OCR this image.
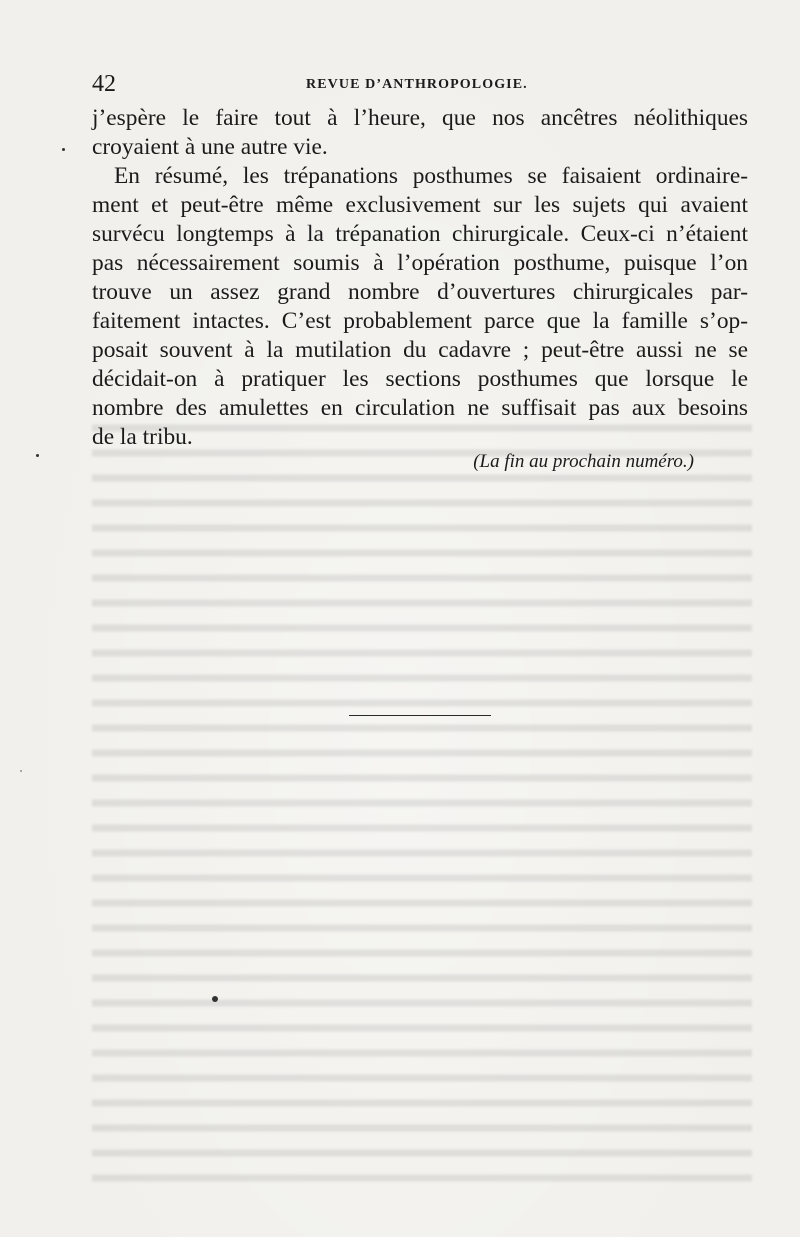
42	REVUE D’ANTHROPOLOGIE.
j’espère le faire tout à l’heure, que nos ancêtres néolithiques
croyaient à une autre vie.
En résumé, les trépanations posthumes se faisaient ordinaire-
ment et peut-être même exclusivement sur les sujets qui avaient
survécu longtemps à la trépanation chirurgicale. Ceux-ci n’étaient
pas nécessairement soumis à l’opération posthume, puisque l’on
trouve un assez grand nombre d’ouvertures chirurgicales par-
faitement intactes. C’est probablement parce que la famille s’op-
posait souvent à la mutilation du cadavre ; peut-être aussi ne se
décidait-on à pratiquer les sections posthumes que lorsque le
nombre des amulettes en circulation ne suffisait pas aux besoins
de la tribu.
(La fin au prochain numéro.)
